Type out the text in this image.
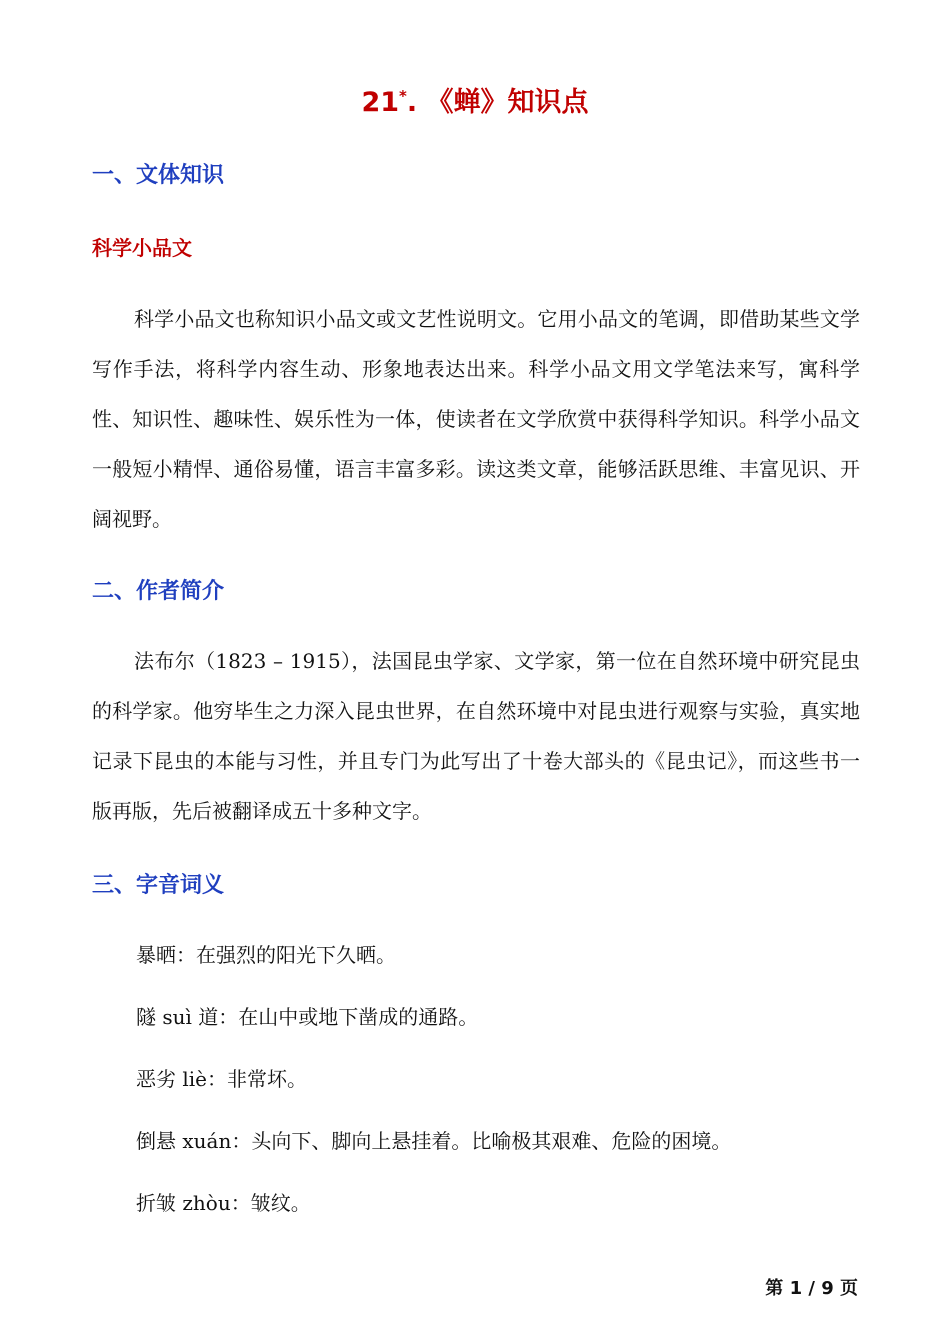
21*. 《蝉》知识点
一、文体知识
科学小品文

科学小品文也称知识小品文或文艺性说明文。它用小品文的笔调，即借助某些文学写作手法，将科学内容生动、形象地表达出来。科学小品文用文学笔法来写，寓科学性、知识性、趣味性、娱乐性为一体，使读者在文学欣赏中获得科学知识。科学小品文一般短小精悍、通俗易懂，语言丰富多彩。读这类文章，能够活跃思维、丰富见识、开阔视野。

二、作者简介

法布尔（1823 – 1915），法国昆虫学家、文学家，第一位在自然环境中研究昆虫的科学家。他穷毕生之力深入昆虫世界，在自然环境中对昆虫进行观察与实验，真实地记录下昆虫的本能与习性，并且专门为此写出了十卷大部头的《昆虫记》，而这些书一版再版，先后被翻译成五十多种文字。

三、字音词义

暴晒：在强烈的阳光下久晒。

隧 suì 道：在山中或地下凿成的通路。

恶劣 liè：非常坏。

倒悬 xuán：头向下、脚向上悬挂着。比喻极其艰难、危险的困境。

折皱 zhòu：皱纹。

第 1 / 9 页
